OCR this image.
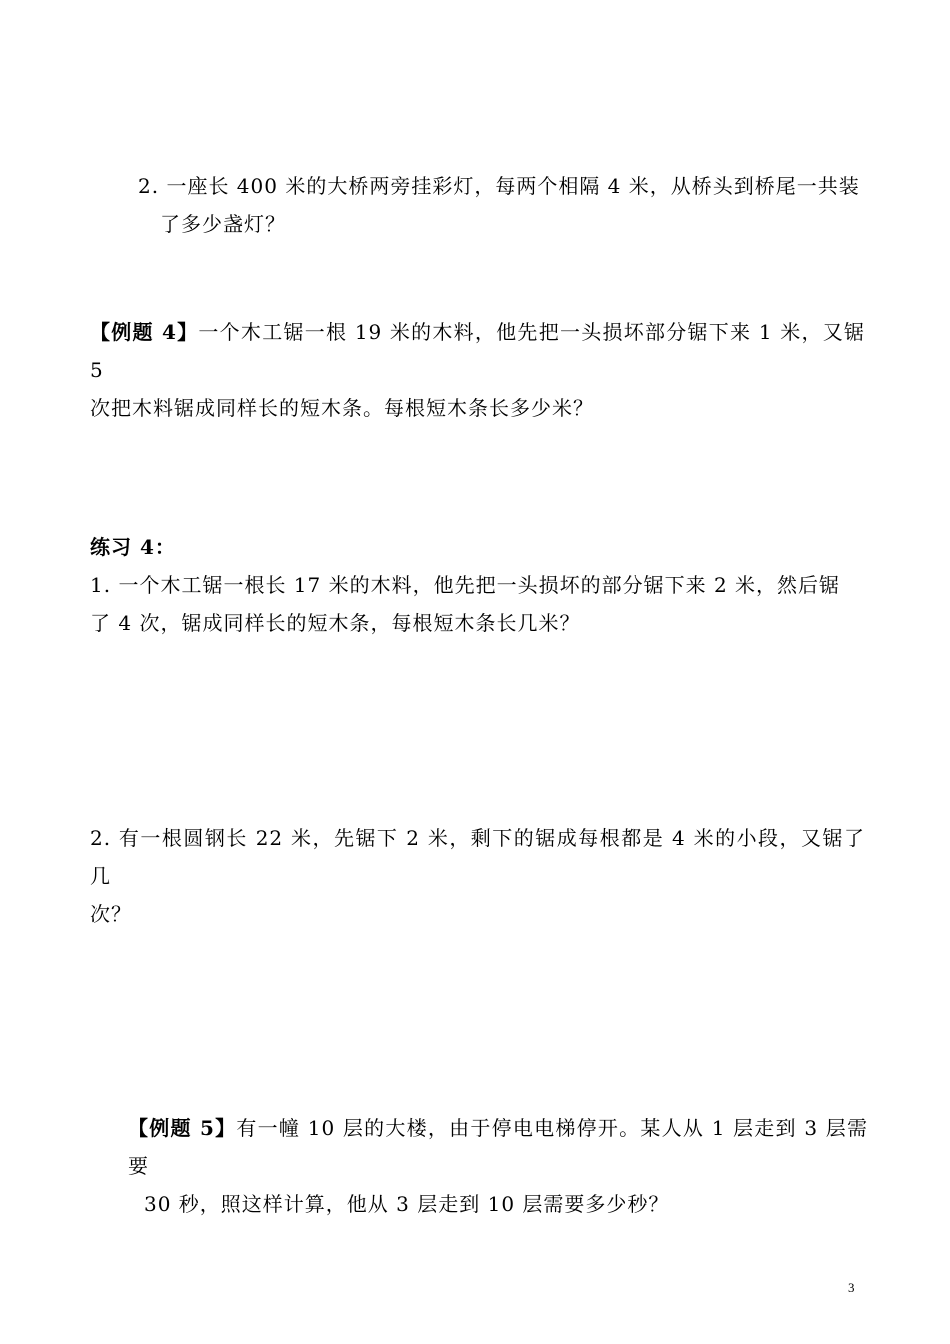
2. 一座长 400 米的大桥两旁挂彩灯，每两个相隔 4 米，从桥头到桥尾一共装

了多少盏灯？

【例题 4】一个木工锯一根 19 米的木料，他先把一头损坏部分锯下来 1 米，又锯 5

次把木料锯成同样长的短木条。每根短木条长多少米？

练习 4：

1. 一个木工锯一根长 17 米的木料，他先把一头损坏的部分锯下来 2 米，然后锯

了 4 次，锯成同样长的短木条，每根短木条长几米？

2. 有一根圆钢长 22 米，先锯下 2 米，剩下的锯成每根都是 4 米的小段，又锯了几

次？

【例题 5】有一幢 10 层的大楼，由于停电电梯停开。某人从 1 层走到 3 层需要

30 秒，照这样计算，他从 3 层走到 10 层需要多少秒？

3
